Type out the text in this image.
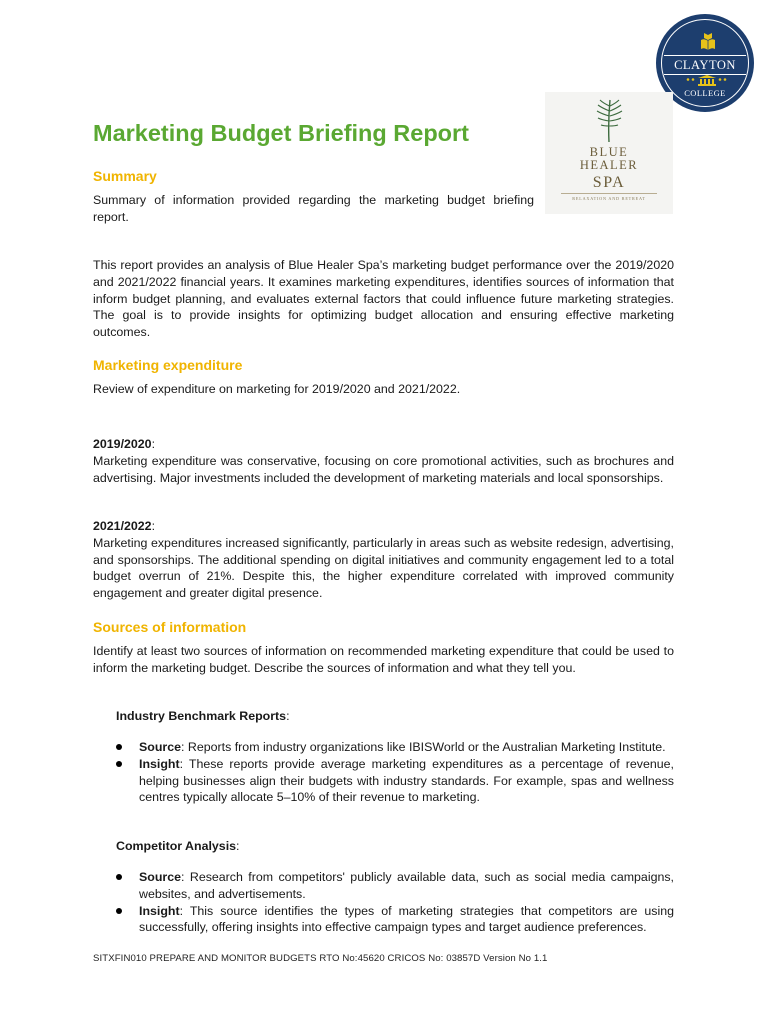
CLAYTON
COLLEGE
BLUE
HEALER
SPA
RELAXATION AND RETREAT
Marketing Budget Briefing Report
Summary

Summary of information provided regarding the marketing budget briefing report.

This report provides an analysis of Blue Healer Spa’s marketing budget performance over the 2019/2020 and 2021/2022 financial years. It examines marketing expenditures, identifies sources of information that inform budget planning, and evaluates external factors that could influence future marketing strategies. The goal is to provide insights for optimizing budget allocation and ensuring effective marketing outcomes.

Marketing expenditure

Review of expenditure on marketing for 2019/2020 and 2021/2022.

2019/2020:

Marketing expenditure was conservative, focusing on core promotional activities, such as brochures and advertising. Major investments included the development of marketing materials and local sponsorships.

2021/2022:

Marketing expenditures increased significantly, particularly in areas such as website redesign, advertising, and sponsorships. The additional spending on digital initiatives and community engagement led to a total budget overrun of 21%. Despite this, the higher expenditure correlated with improved community engagement and greater digital presence.

Sources of information

Identify at least two sources of information on recommended marketing expenditure that could be used to inform the marketing budget. Describe the sources of information and what they tell you.

Industry Benchmark Reports:
Source: Reports from industry organizations like IBISWorld or the Australian Marketing Institute.
Insight: These reports provide average marketing expenditures as a percentage of revenue, helping businesses align their budgets with industry standards. For example, spas and wellness centres typically allocate 5–10% of their revenue to marketing.
Competitor Analysis:
Source: Research from competitors' publicly available data, such as social media campaigns, websites, and advertisements.
Insight: This source identifies the types of marketing strategies that competitors are using successfully, offering insights into effective campaign types and target audience preferences.
SITXFIN010 PREPARE AND MONITOR BUDGETS RTO No:45620 CRICOS No: 03857D Version No 1.1
